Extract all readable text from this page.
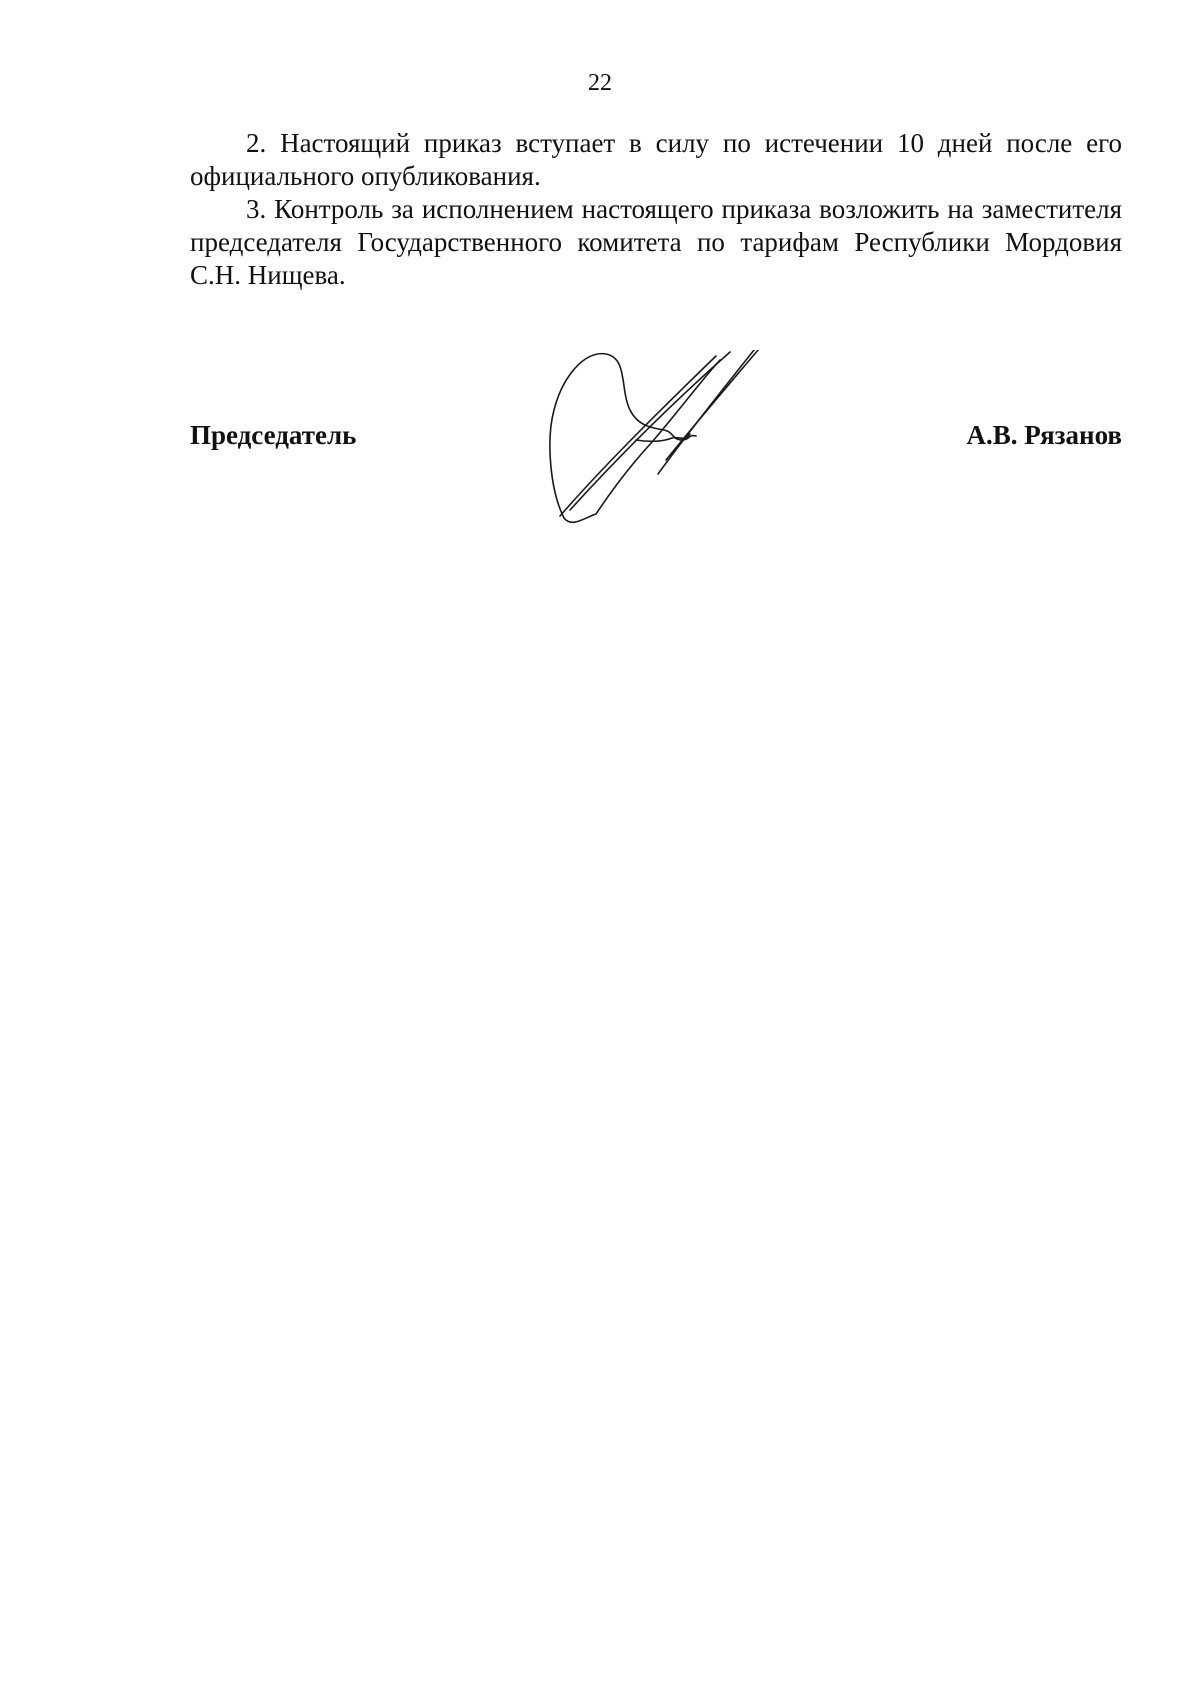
22

2. Настоящий приказ вступает в силу по истечении 10 дней после его официального опубликования.

3. Контроль за исполнением настоящего приказа возложить на заместителя председателя Государственного комитета по тарифам Республики Мордовия С.Н. Нищева.

Председатель	А.В. Рязанов
